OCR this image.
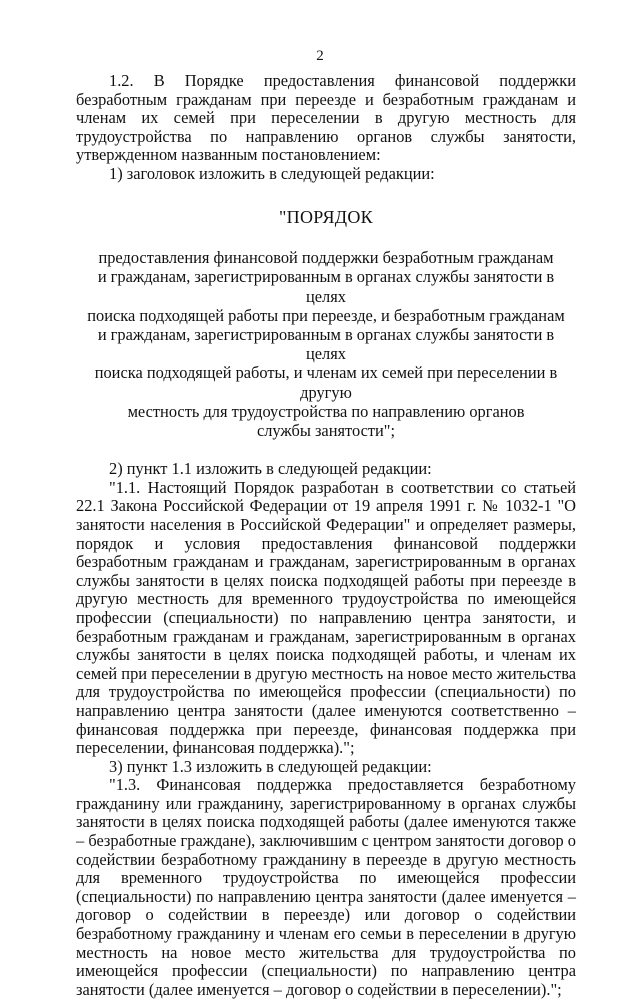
2

1.2. В Порядке предоставления финансовой поддержки безработным гражданам при переезде и безработным гражданам и членам их семей при переселении в другую местность для трудоустройства по направлению органов службы занятости, утвержденном названным постановлением:

1) заголовок изложить в следующей редакции:

"ПОРЯДОК

предоставления финансовой поддержки безработным гражданам
и гражданам, зарегистрированным в органах службы занятости в целях
поиска подходящей работы при переезде, и безработным гражданам
и гражданам, зарегистрированным в органах службы занятости в целях
поиска подходящей работы, и членам их семей при переселении в другую
местность для трудоустройства по направлению органов
службы занятости";

2) пункт 1.1 изложить в следующей редакции:

"1.1. Настоящий Порядок разработан в соответствии со статьей 22.1 Закона Российской Федерации от 19 апреля 1991 г. № 1032-1 "О занятости населения в Российской Федерации" и определяет размеры, порядок и условия предоставления финансовой поддержки безработным гражданам и гражданам, зарегистрированным в органах службы занятости в целях поиска подходящей работы при переезде в другую местность для временного трудоустройства по имеющейся профессии (специальности) по направлению центра занятости, и безработным гражданам и гражданам, зарегистрированным в органах службы занятости в целях поиска подходящей работы, и членам их семей при переселении в другую местность на новое место жительства для трудоустройства по имеющейся профессии (специальности) по направлению центра занятости (далее именуются соответственно – финансовая поддержка при переезде, финансовая поддержка при переселении, финансовая поддержка).";

3) пункт 1.3 изложить в следующей редакции:

"1.3. Финансовая поддержка предоставляется безработному гражданину или гражданину, зарегистрированному в органах службы занятости в целях поиска подходящей работы (далее именуются также – безработные граждане), заключившим с центром занятости договор о содействии безработному гражданину в переезде в другую местность для временного трудоустройства по имеющейся профессии (специальности) по направлению центра занятости (далее именуется – договор о содействии в переезде) или договор о содействии безработному гражданину и членам его семьи в переселении в другую местность на новое место жительства для трудоустройства по имеющейся профессии (специальности) по направлению центра занятости (далее именуется – договор о содействии в переселении).";
